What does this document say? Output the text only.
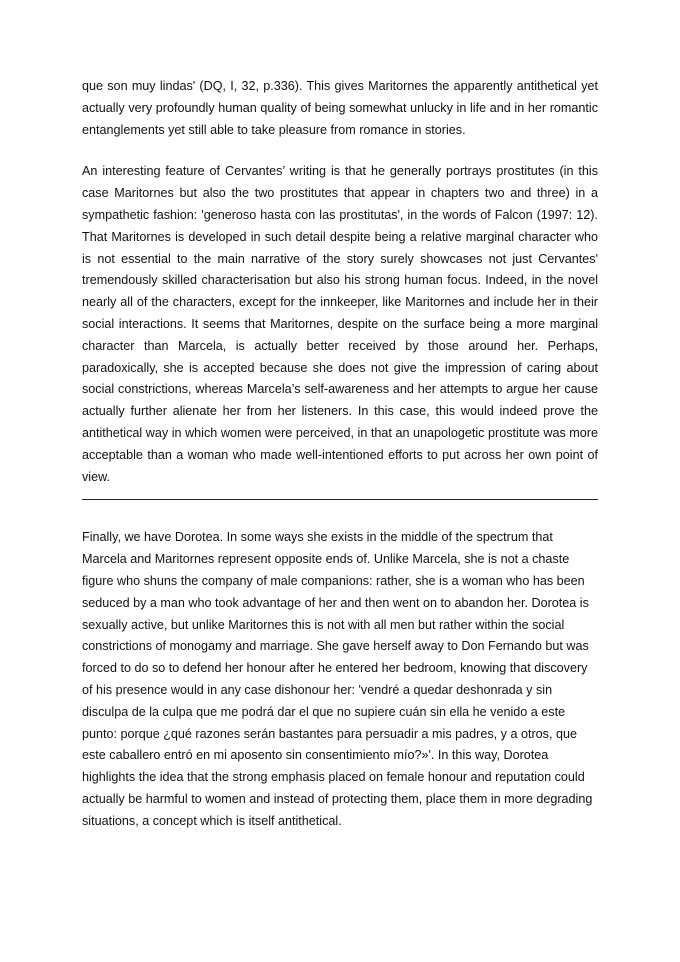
que son muy lindas' (DQ, I, 32, p.336). This gives Maritornes the apparently antithetical yet actually very profoundly human quality of being somewhat unlucky in life and in her romantic entanglements yet still able to take pleasure from romance in stories.

An interesting feature of Cervantes’ writing is that he generally portrays prostitutes (in this case Maritornes but also the two prostitutes that appear in chapters two and three) in a sympathetic fashion: 'generoso hasta con las prostitutas', in the words of Falcon (1997: 12). That Maritornes is developed in such detail despite being a relative marginal character who is not essential to the main narrative of the story surely showcases not just Cervantes' tremendously skilled characterisation but also his strong human focus. Indeed, in the novel nearly all of the characters, except for the innkeeper, like Maritornes and include her in their social interactions. It seems that Maritornes, despite on the surface being a more marginal character than Marcela, is actually better received by those around her. Perhaps, paradoxically, she is accepted because she does not give the impression of caring about social constrictions, whereas Marcela’s self-awareness and her attempts to argue her cause actually further alienate her from her listeners. In this case, this would indeed prove the antithetical way in which women were perceived, in that an unapologetic prostitute was more acceptable than a woman who made well-intentioned efforts to put across her own point of view.

Finally, we have Dorotea. In some ways she exists in the middle of the spectrum that Marcela and Maritornes represent opposite ends of. Unlike Marcela, she is not a chaste figure who shuns the company of male companions: rather, she is a woman who has been seduced by a man who took advantage of her and then went on to abandon her. Dorotea is sexually active, but unlike Maritornes this is not with all men but rather within the social constrictions of monogamy and marriage. She gave herself away to Don Fernando but was forced to do so to defend her honour after he entered her bedroom, knowing that discovery of his presence would in any case dishonour her: 'vendré a quedar deshonrada y sin disculpa de la culpa que me podrá dar el que no supiere cuán sin ella he venido a este punto: porque ¿qué razones serán bastantes para persuadir a mis padres, y a otros, que este caballero entró en mi aposento sin consentimiento mío?»'. In this way, Dorotea highlights the idea that the strong emphasis placed on female honour and reputation could actually be harmful to women and instead of protecting them, place them in more degrading situations, a concept which is itself antithetical.
